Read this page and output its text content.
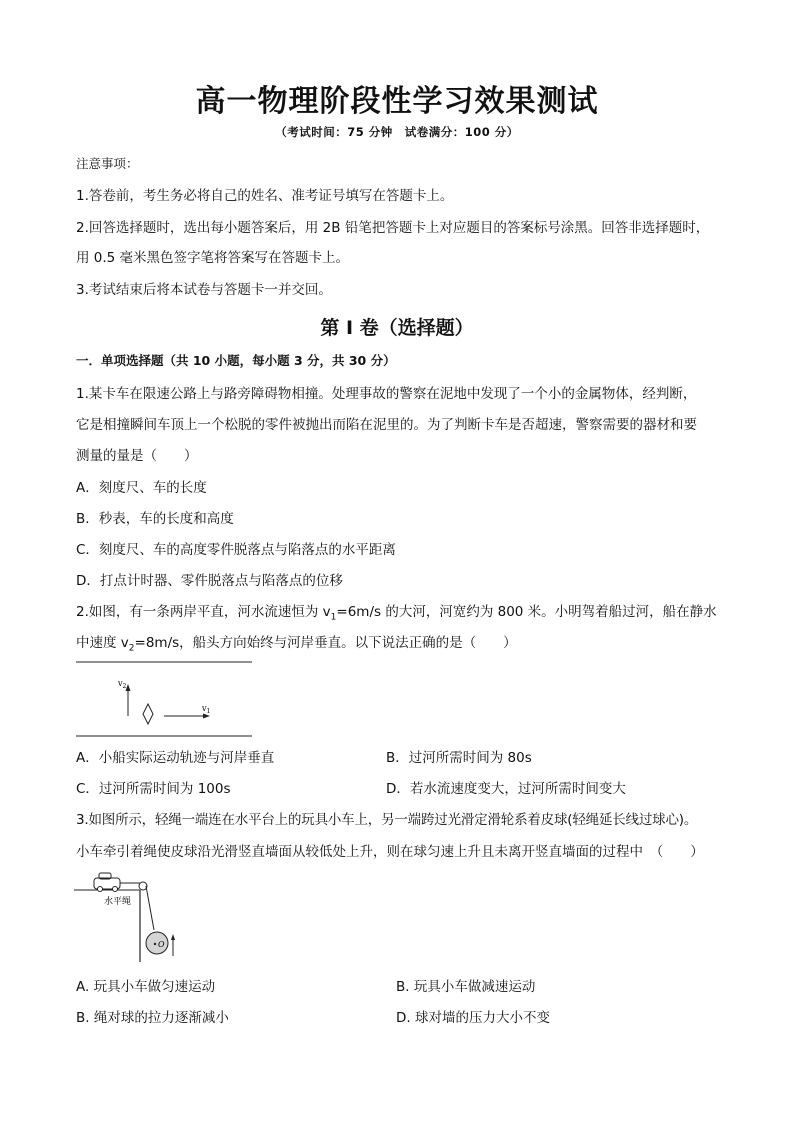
高一物理阶段性学习效果测试
（考试时间：75 分钟　试卷满分：100 分）
注意事项：
1.答卷前，考生务必将自己的姓名、准考证号填写在答题卡上。
2.回答选择题时，选出每小题答案后，用 2B 铅笔把答题卡上对应题目的答案标号涂黑。回答非选择题时，
用 0.5 毫米黑色签字笔将答案写在答题卡上。
3.考试结束后将本试卷与答题卡一并交回。
第 I 卷（选择题）
一．单项选择题（共 10 小题，每小题 3 分，共 30 分）
1.某卡车在限速公路上与路旁障碍物相撞。处理事故的警察在泥地中发现了一个小的金属物体，经判断，
它是相撞瞬间车顶上一个松脱的零件被抛出而陷在泥里的。为了判断卡车是否超速，警察需要的器材和要
测量的量是（　　）
A．刻度尺、车的长度
B．秒表，车的长度和高度
C．刻度尺、车的高度零件脱落点与陷落点的水平距离
D．打点计时器、零件脱落点与陷落点的位移
2.如图，有一条两岸平直，河水流速恒为 $v_1=6m/s$ 的大河，河宽约为 800 米。小明驾着船过河，船在静水
中速度 $v_2=8m/s$，船头方向始终与河岸垂直。以下说法正确的是（　　）
$v_2$
$v_1$
A．小船实际运动轨迹与河岸垂直	B．过河所需时间为 80s
C．过河所需时间为 100s	D．若水流速度变大，过河所需时间变大
3.如图所示，轻绳一端连在水平台上的玩具小车上，另一端跨过光滑定滑轮系着皮球(轻绳延长线过球心)。
小车牵引着绳使皮球沿光滑竖直墙面从较低处上升，则在球匀速上升且未离开竖直墙面的过程中　（　　）
O
水平绳
A. 玩具小车做匀速运动	B. 玩具小车做减速运动
B. 绳对球的拉力逐渐减小	D. 球对墙的压力大小不变
